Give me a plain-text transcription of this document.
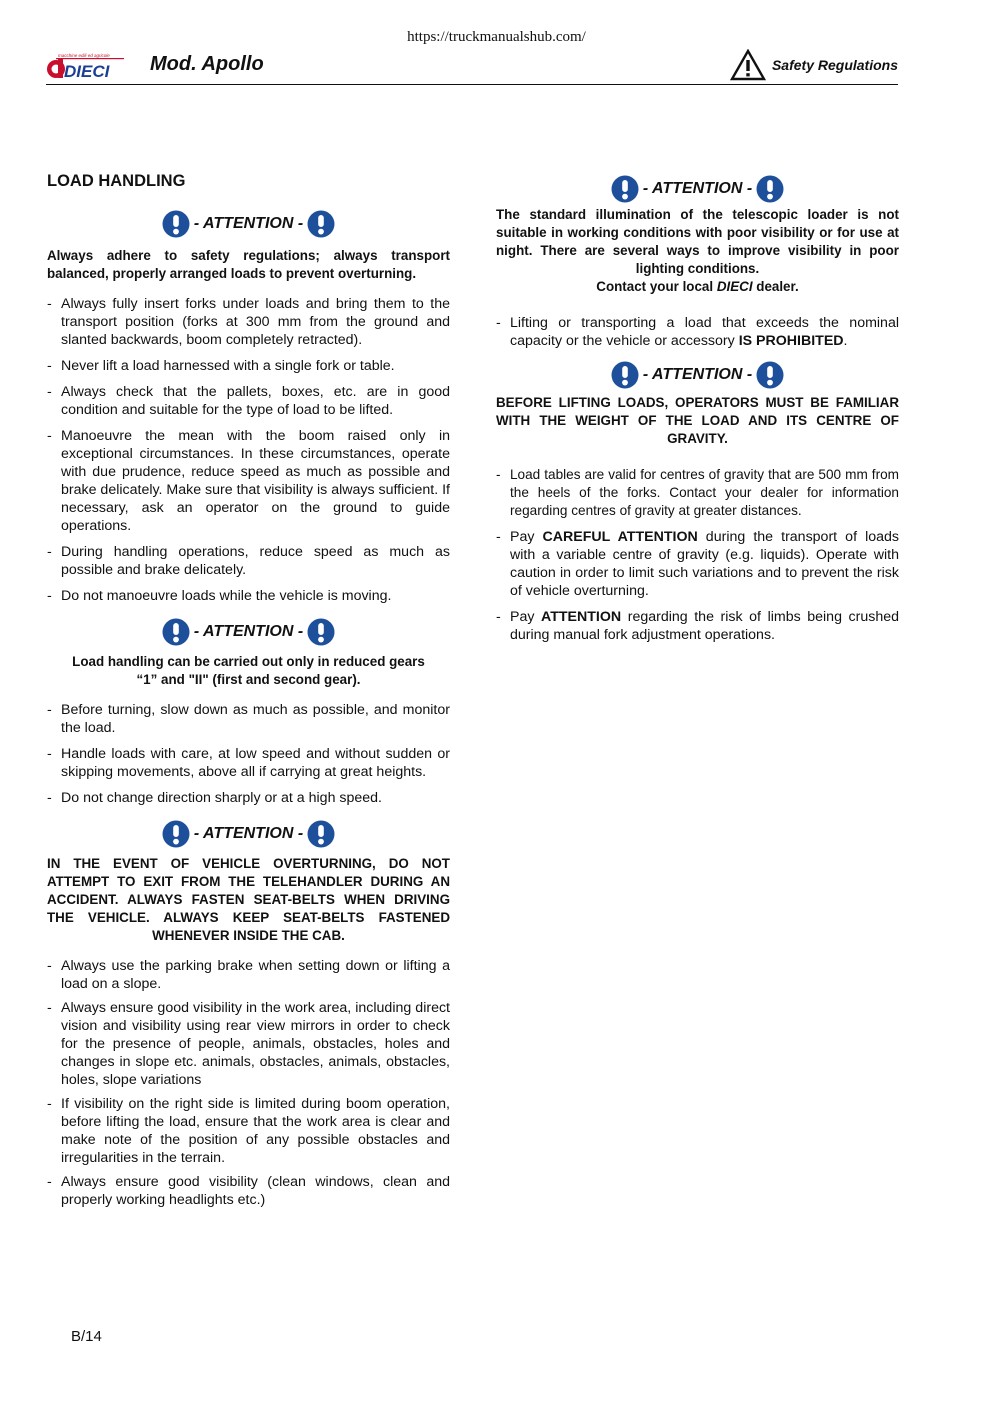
https://truckmanualshub.com/
macchine edili ed agricole
DIECI Mod. Apollo	Safety Regulations
LOAD HANDLING
- ATTENTION -

Always adhere to safety regulations; always transport balanced, properly arranged loads to prevent overturning.

- Always fully insert forks under loads and bring them to the transport position (forks at 300 mm from the ground and slanted backwards, boom completely retracted).
- Never lift a load harnessed with a single fork or table.
- Always check that the pallets, boxes, etc. are in good condition and suitable for the type of load to be lifted.
- Manoeuvre the mean with the boom raised only in exceptional circumstances. In these circumstances, operate with due prudence, reduce speed as much as possible and brake delicately. Make sure that visibility is always sufficient. If necessary, ask an operator on the ground to guide operations.
- During handling operations, reduce speed as much as possible and brake delicately.
- Do not manoeuvre loads while the vehicle is moving.
- ATTENTION -

Load handling can be carried out only in reduced gears “1” and "II" (first and second gear).

- Before turning, slow down as much as possible, and monitor the load.
- Handle loads with care, at low speed and without sudden or skipping movements, above all if carrying at great heights.
- Do not change direction sharply or at a high speed.
- ATTENTION -

IN THE EVENT OF VEHICLE OVERTURNING, DO NOT ATTEMPT TO EXIT FROM THE TELEHANDLER DURING AN ACCIDENT. ALWAYS FASTEN SEAT-BELTS WHEN DRIVING THE VEHICLE. ALWAYS KEEP SEAT-BELTS FASTENED WHENEVER INSIDE THE CAB.

- Always use the parking brake when setting down or lifting a load on a slope.
- Always ensure good visibility in the work area, including direct vision and visibility using rear view mirrors in order to check for the presence of people, animals, obstacles, holes and changes in slope etc. animals, obstacles, animals, obstacles, holes, slope variations
- If visibility on the right side is limited during boom operation, before lifting the load, ensure that the work area is clear and make note of the position of any possible obstacles and irregularities in the terrain.
- Always ensure good visibility (clean windows, clean and properly working headlights etc.)
- ATTENTION -

The standard illumination of the telescopic loader is not suitable in working conditions with poor visibility or for use at night. There are several ways to improve visibility in poor lighting conditions.

Contact your local DIECI dealer.

- Lifting or transporting a load that exceeds the nominal capacity or the vehicle or accessory IS PROHIBITED.
- ATTENTION -

BEFORE LIFTING LOADS, OPERATORS MUST BE FAMILIAR WITH THE WEIGHT OF THE LOAD AND ITS CENTRE OF GRAVITY.

- Load tables are valid for centres of gravity that are 500 mm from the heels of the forks. Contact your dealer for information regarding centres of gravity at greater distances.
- Pay CAREFUL ATTENTION during the transport of loads with a variable centre of gravity (e.g. liquids). Operate with caution in order to limit such variations and to prevent the risk of vehicle overturning.
- Pay ATTENTION regarding the risk of limbs being crushed during manual fork adjustment operations.
B/14
